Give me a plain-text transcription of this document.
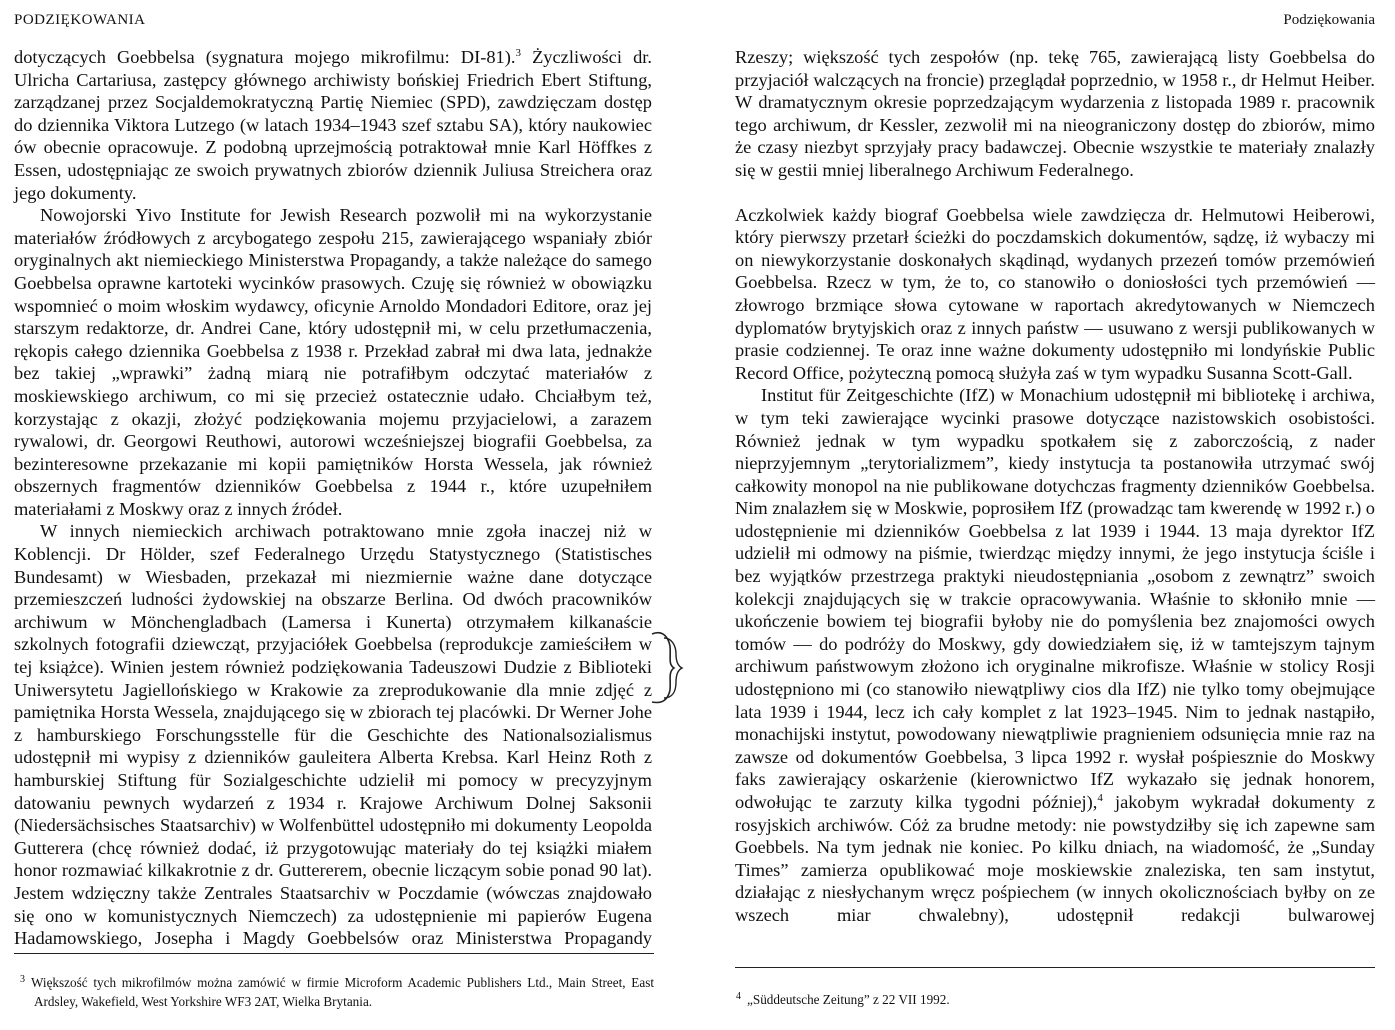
PODZIĘKOWANIA

dotyczących Goebbelsa (sygnatura mojego mikrofilmu: DI-81).$^3$ Życzliwości dr. Ulricha Cartariusa, zastępcy głównego archiwisty bońskiej Friedrich Ebert Stiftung, zarządzanej przez Socjaldemokratyczną Partię Niemiec (SPD), zawdzięczam dostęp do dziennika Viktora Lutzego (w latach 1934–1943 szef sztabu SA), który naukowiec ów obecnie opracowuje. Z podobną uprzejmością potraktował mnie Karl Höffkes z Essen, udostępniając ze swoich prywatnych zbiorów dziennik Juliusa Streichera oraz jego dokumenty.

Nowojorski Yivo Institute for Jewish Research pozwolił mi na wykorzystanie materiałów źródłowych z arcybogatego zespołu 215, zawierającego wspaniały zbiór oryginalnych akt niemieckiego Ministerstwa Propagandy, a także należące do samego Goebbelsa oprawne kartoteki wycinków prasowych. Czuję się również w obowiązku wspomnieć o moim włoskim wydawcy, oficynie Arnoldo Mondadori Editore, oraz jej starszym redaktorze, dr. Andrei Cane, który udostępnił mi, w celu przetłumaczenia, rękopis całego dziennika Goebbelsa z 1938 r. Przekład zabrał mi dwa lata, jednakże bez takiej „wprawki” żadną miarą nie potrafiłbym odczytać materiałów z moskiewskiego archiwum, co mi się przecież ostatecznie udało. Chciałbym też, korzystając z okazji, złożyć podziękowania mojemu przyjacielowi, a zarazem rywalowi, dr. Georgowi Reuthowi, autorowi wcześniejszej biografii Goebbelsa, za bezinteresowne przekazanie mi kopii pamiętników Horsta Wessela, jak również obszernych fragmentów dzienników Goebbelsa z 1944 r., które uzupełniłem materiałami z Moskwy oraz z innych źródeł.

W innych niemieckich archiwach potraktowano mnie zgoła inaczej niż w Koblencji. Dr Hölder, szef Federalnego Urzędu Statystycznego (Statistisches Bundesamt) w Wiesbaden, przekazał mi niezmiernie ważne dane dotyczące przemieszczeń ludności żydowskiej na obszarze Berlina. Od dwóch pracowników archiwum w Mönchengladbach (Lamersa i Kunerta) otrzymałem kilkanaście szkolnych fotografii dziewcząt, przyjaciółek Goebbelsa (reprodukcje zamieściłem w tej książce). Winien jestem również podziękowania Tadeuszowi Dudzie z Biblioteki Uniwersytetu Jagiellońskiego w Krakowie za zreprodukowanie dla mnie zdjęć z pamiętnika Horsta Wessela, znajdującego się w zbiorach tej placówki. Dr Werner Johe z hamburskiego Forschungsstelle für die Geschichte des Nationalsozialismus udostępnił mi wypisy z dzienników gauleitera Alberta Krebsa. Karl Heinz Roth z hamburskiej Stiftung für Sozialgeschichte udzielił mi pomocy w precyzyjnym datowaniu pewnych wydarzeń z 1934 r. Krajowe Archiwum Dolnej Saksonii (Niedersächsisches Staatsarchiv) w Wolfenbüttel udostępniło mi dokumenty Leopolda Gutterera (chcę również dodać, iż przygotowując materiały do tej książki miałem honor rozmawiać kilkakrotnie z dr. Guttererem, obecnie liczącym sobie ponad 90 lat). Jestem wdzięczny także Zentrales Staatsarchiv w Poczdamie (wówczas znajdowało się ono w komunistycznych Niemczech) za udostępnienie mi papierów Eugena Hadamowskiego, Josepha i Magdy Goebbelsów oraz Ministerstwa Propagandy

$^3$ Większość tych mikrofilmów można zamówić w firmie Microform Academic Publishers Ltd., Main Street, East Ardsley, Wakefield, West Yorkshire WF3 2AT, Wielka Brytania.
Podziękowania

Rzeszy; większość tych zespołów (np. tekę 765, zawierającą listy Goebbelsa do przyjaciół walczących na froncie) przeglądał poprzednio, w 1958 r., dr Helmut Heiber. W dramatycznym okresie poprzedzającym wydarzenia z listopada 1989 r. pracownik tego archiwum, dr Kessler, zezwolił mi na nieograniczony dostęp do zbiorów, mimo że czasy niezbyt sprzyjały pracy badawczej. Obecnie wszystkie te materiały znalazły się w gestii mniej liberalnego Archiwum Federalnego.

Aczkolwiek każdy biograf Goebbelsa wiele zawdzięcza dr. Helmutowi Heiberowi, który pierwszy przetarł ścieżki do poczdamskich dokumentów, sądzę, iż wybaczy mi on niewykorzystanie doskonałych skądinąd, wydanych przezeń tomów przemówień Goebbelsa. Rzecz w tym, że to, co stanowiło o doniosłości tych przemówień — złowrogo brzmiące słowa cytowane w raportach akredytowanych w Niemczech dyplomatów brytyjskich oraz z innych państw — usuwano z wersji publikowanych w prasie codziennej. Te oraz inne ważne dokumenty udostępniło mi londyńskie Public Record Office, pożyteczną pomocą służyła zaś w tym wypadku Susanna Scott-Gall.

Institut für Zeitgeschichte (IfZ) w Monachium udostępnił mi bibliotekę i archiwa, w tym teki zawierające wycinki prasowe dotyczące nazistowskich osobistości. Również jednak w tym wypadku spotkałem się z zaborczością, z nader nieprzyjemnym „terytorializmem”, kiedy instytucja ta postanowiła utrzymać swój całkowity monopol na nie publikowane dotychczas fragmenty dzienników Goebbelsa. Nim znalazłem się w Moskwie, poprosiłem IfZ (prowadząc tam kwerendę w 1992 r.) o udostępnienie mi dzienników Goebbelsa z lat 1939 i 1944. 13 maja dyrektor IfZ udzielił mi odmowy na piśmie, twierdząc między innymi, że jego instytucja ściśle i bez wyjątków przestrzega praktyki nieudostępniania „osobom z zewnątrz” swoich kolekcji znajdujących się w trakcie opracowywania. Właśnie to skłoniło mnie — ukończenie bowiem tej biografii byłoby nie do pomyślenia bez znajomości owych tomów — do podróży do Moskwy, gdy dowiedziałem się, iż w tamtejszym tajnym archiwum państwowym złożono ich oryginalne mikrofisze. Właśnie w stolicy Rosji udostępniono mi (co stanowiło niewątpliwy cios dla IfZ) nie tylko tomy obejmujące lata 1939 i 1944, lecz ich cały komplet z lat 1923–1945. Nim to jednak nastąpiło, monachijski instytut, powodowany niewątpliwie pragnieniem odsunięcia mnie raz na zawsze od dokumentów Goebbelsa, 3 lipca 1992 r. wysłał pośpiesznie do Moskwy faks zawierający oskarżenie (kierownictwo IfZ wykazało się jednak honorem, odwołując te zarzuty kilka tygodni później),$^4$ jakobym wykradał dokumenty z rosyjskich archiwów. Cóż za brudne metody: nie powstydziłby się ich zapewne sam Goebbels. Na tym jednak nie koniec. Po kilku dniach, na wiadomość, że „Sunday Times” zamierza opublikować moje moskiewskie znaleziska, ten sam instytut, działając z niesłychanym wręcz pośpiechem (w innych okolicznościach byłby on ze wszech miar chwalebny), udostępnił redakcji bulwarowej

$^4$ „Süddeutsche Zeitung” z 22 VII 1992.
